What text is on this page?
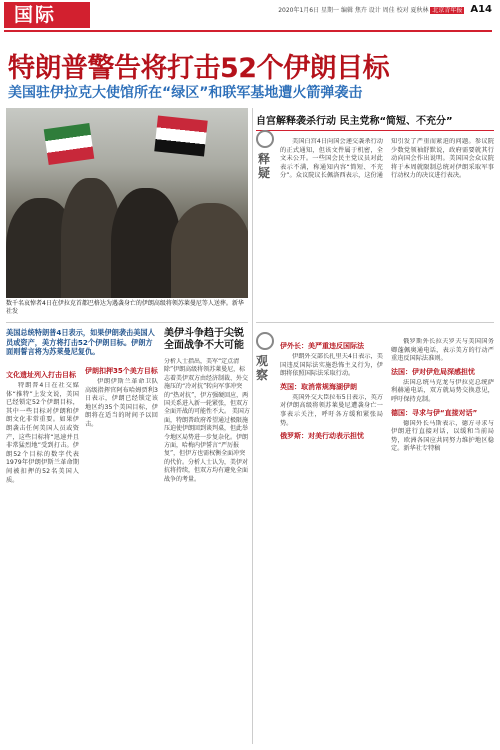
国际	2020年1月6日 星期一 编辑 焦卉 设计 周佳 校对 夏秋林 北京青年报 A14
特朗普警告将打击52个伊朗目标
美国驻伊拉克大使馆所在“绿区”和联军基地遭火箭弹袭击
数千名哀悼者4日在伊拉克首都巴格达为遇袭身亡的伊朗高级将领苏莱曼尼等人送葬。新华社发
自宫解释袭杀行动 民主党称“简短、不充分”
释疑
美国白宫4日向国会递交袭杀行动的正式通知，但该文件属于机密，全文未公开。一些国会民主党议员对此表示不满，称通知内容“简短、不充分”。众议院议长佩洛西表示，这份通知引发了严重而紧迫的问题。参议院少数党领袖舒默说，政府需要就其行动向国会作出说明。美国国会众议院将于本周就限制总统对伊朗采取军事行动权力的决议进行表决。
美国总统特朗普4日表示，如果伊朗袭击美国人员或资产，美方将打击52个伊朗目标。伊朗方面则誓言将为苏莱曼尼复仇。
文化遗址列入打击目标
特朗普4日在社交媒体“推特”上发文说，美国已经锁定52个伊朗目标，其中一些目标对伊朗和伊朗文化非常重要。如果伊朗袭击任何美国人员或资产，这些目标将“迅速并且非常猛烈地”受到打击。伊朗52个目标的数字代表1979年伊朗伊斯兰革命期间被扣押的52名美国人质。
伊朗扣押35个美方目标
伊朗伊斯兰革命卫队高级指挥官阿布哈姆贾利3日表示，伊朗已经锁定该地区约35个美国目标，伊朗将在适当的时间予以回击。
美伊斗争趋于尖锐 全面战争不大可能
分析人士指出，美军“定点清除”伊朗高级将领苏莱曼尼，标志着美伊双方由经济制裁、外交施压的“冷对抗”转向军事冲突的“热对抗”，伊方强硬回应，两国关系进入新一轮紧张，但双方全面开战的可能性不大。 美国方面，特朗普政府希望通过极限施压迫使伊朗回到谈判桌，但此举令地区局势进一步复杂化。伊朗方面，哈梅内伊誓言“严厉报复”，但伊方也需权衡全面冲突的代价。分析人士认为，美伊对抗将持续，但双方均有避免全面战争的考量。
观察
伊外长：美严重违反国际法
伊朗外交部长扎里夫4日表示，美国违反国际法实施恐怖主义行为，伊朗将依照国际法采取行动。
英国：取消常规海湖伊朗
英国外交大臣拉布5日表示，英方对伊朗高级将领苏莱曼尼遭袭身亡一事表示关注，呼吁各方缓和紧张局势。
俄罗斯：对美行动表示担忧
俄罗斯外长拉夫罗夫与美国国务卿蓬佩奥通电话，表示美方的行动严重违反国际法准则。
法国：伊对伊危局深感担忧
法国总统马克龙与伊拉克总统萨利赫通电话，双方就局势交换意见，呼吁保持克制。
德国：寻求与伊“直接对话”
德国外长马斯表示，德方寻求与伊朗进行直接对话，以缓和当前局势，欧洲各国应共同努力维护地区稳定。新华社专特稿
